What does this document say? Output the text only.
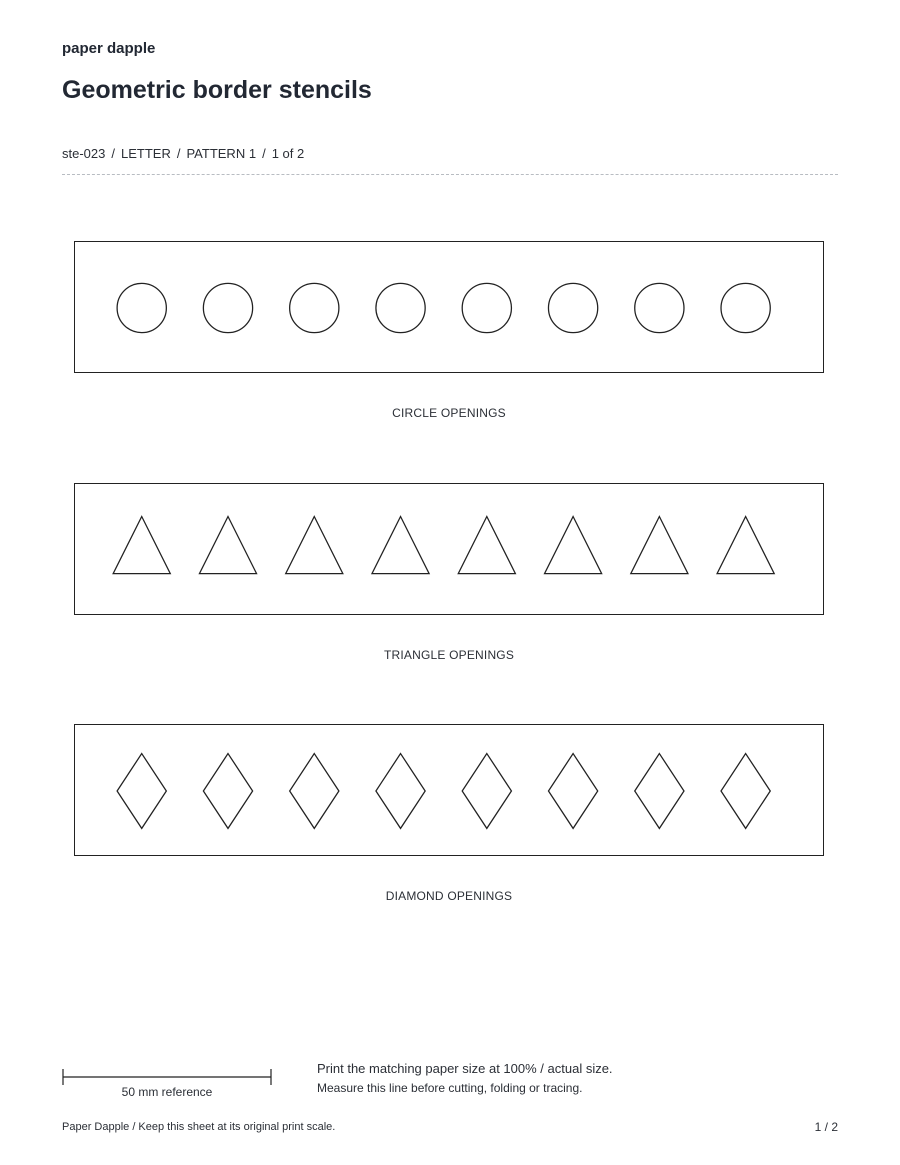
paper dapple
Geometric border stencils
ste-023 / LETTER / PATTERN 1 / 1 of 2
CIRCLE OPENINGS
TRIANGLE OPENINGS
DIAMOND OPENINGS
50 mm reference
Print the matching paper size at 100% / actual size.
Measure this line before cutting, folding or tracing.
Paper Dapple / Keep this sheet at its original print scale.	1 / 2
